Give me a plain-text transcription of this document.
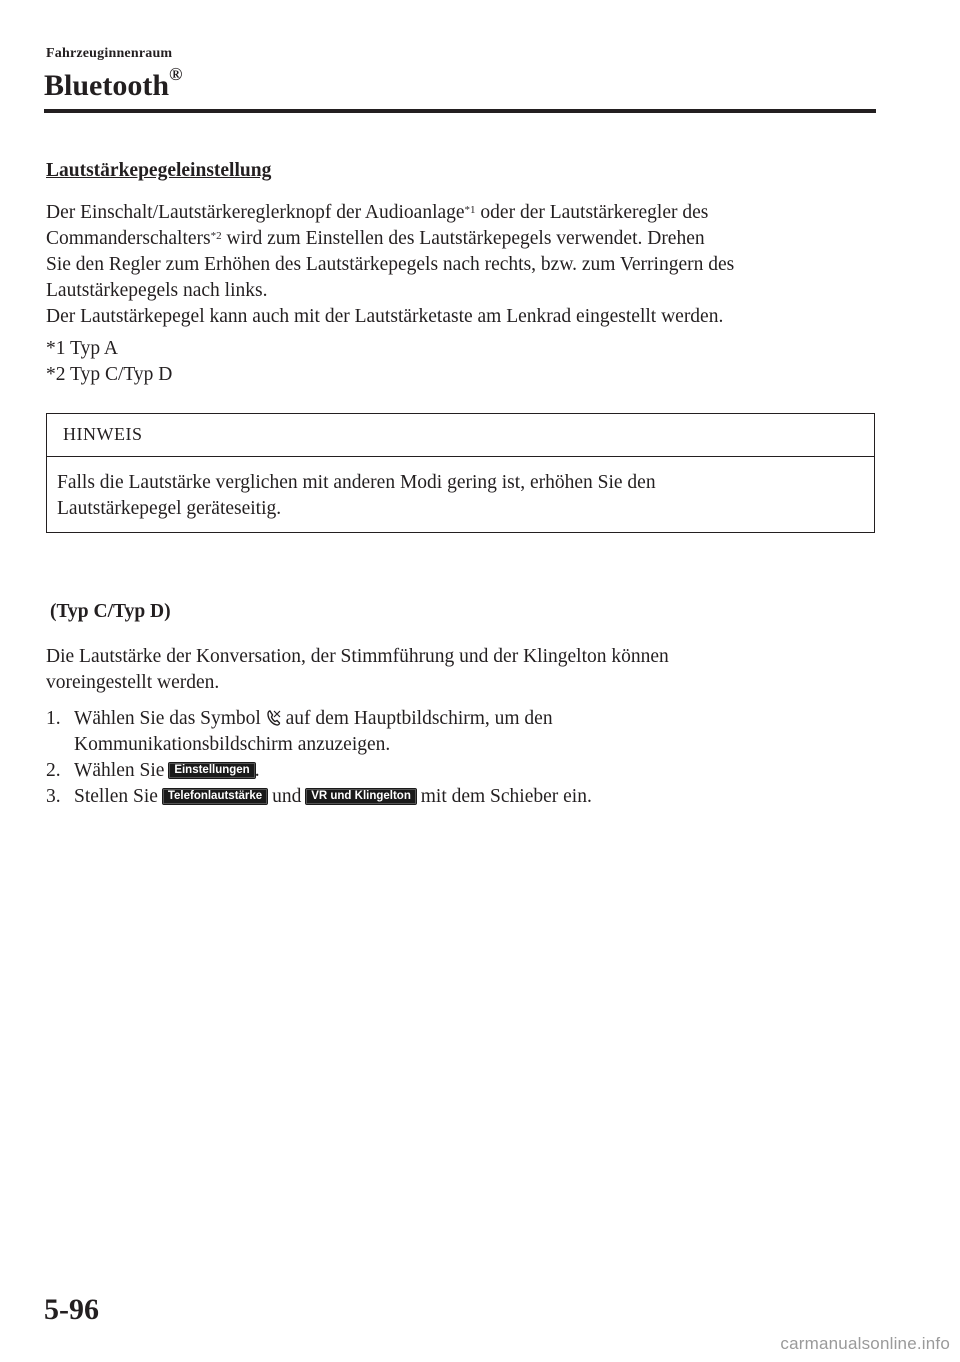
Fahrzeuginnenraum
Bluetooth®
Lautstärkepegeleinstellung
Der Einschalt/Lautstärkereglerknopf der Audioanlage$^{*1}$ oder der Lautstärkeregler des
Commanderschalters$^{*2}$ wird zum Einstellen des Lautstärkepegels verwendet. Drehen
Sie den Regler zum Erhöhen des Lautstärkepegels nach rechts, bzw. zum Verringern des
Lautstärkepegels nach links.
Der Lautstärkepegel kann auch mit der Lautstärketaste am Lenkrad eingestellt werden.
*1 Typ A
*2 Typ C/Typ D
HINWEIS
Falls die Lautstärke verglichen mit anderen Modi gering ist, erhöhen Sie den
Lautstärkepegel geräteseitig.
(Typ C/Typ D)
Die Lautstärke der Konversation, der Stimmführung und der Klingelton können
voreingestellt werden.
1. Wählen Sie das Symbol  auf dem Hauptbildschirm, um den
Kommunikationsbildschirm anzuzeigen.
2. Wählen Sie Einstellungen .
3. Stellen Sie Telefonlautstärke und VR und Klingelton mit dem Schieber ein.
5-96
carmanualsonline.info
